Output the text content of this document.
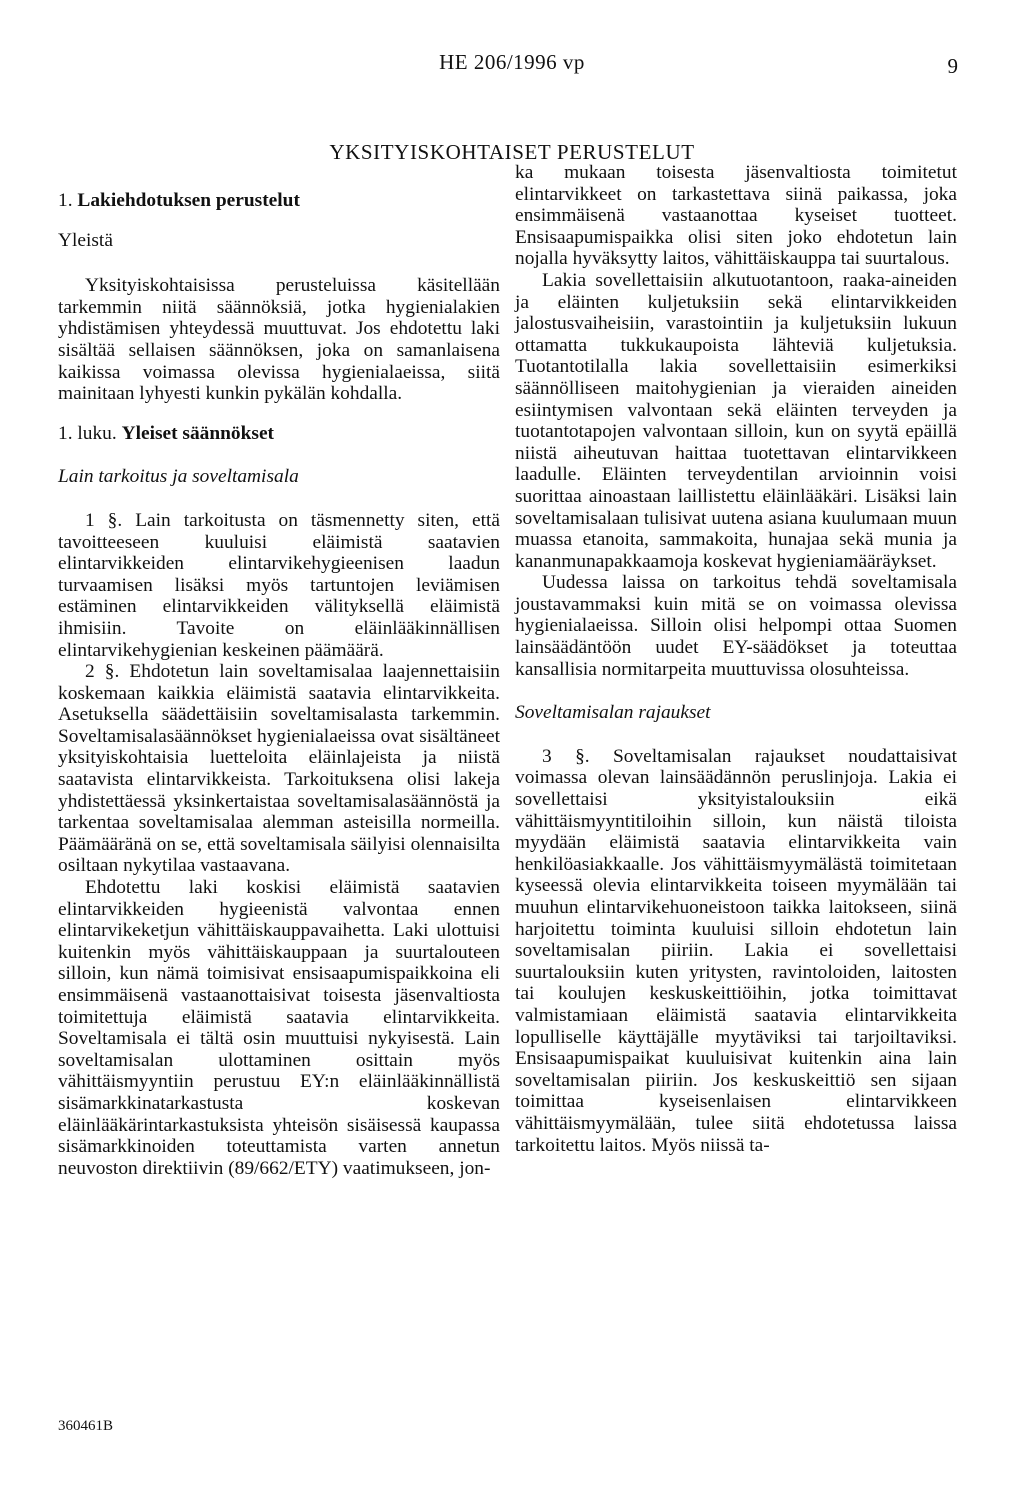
HE 206/1996 vp	9
YKSITYISKOHTAISET PERUSTELUT
1. Lakiehdotuksen perustelut
Yleistä

Yksityiskohtaisissa perusteluissa käsitellään tarkemmin niitä säännöksiä, jotka hygienialakien yhdistämisen yhteydessä muuttuvat. Jos ehdotettu laki sisältää sellaisen säännöksen, joka on samanlaisena kaikissa voimassa olevissa hygienialaeissa, siitä mainitaan lyhyesti kunkin pykälän kohdalla.

1. luku. Yleiset säännökset
Lain tarkoitus ja soveltamisala

1 §. Lain tarkoitusta on täsmennetty siten, että tavoitteeseen kuuluisi eläimistä saatavien elintarvikkeiden elintarvikehygieenisen laadun turvaamisen lisäksi myös tartuntojen leviämisen estäminen elintarvikkeiden välityksellä eläimistä ihmisiin. Tavoite on eläinlääkinnällisen elintarvikehygienian keskeinen päämäärä.

2 §. Ehdotetun lain soveltamisalaa laajennettaisiin koskemaan kaikkia eläimistä saatavia elintarvikkeita. Asetuksella säädettäisiin soveltamisalasta tarkemmin. Soveltamisalasäännökset hygienialaeissa ovat sisältäneet yksityiskohtaisia luetteloita eläinlajeista ja niistä saatavista elintarvikkeista. Tarkoituksena olisi lakeja yhdistettäessä yksinkertaistaa soveltamisalasäännöstä ja tarkentaa soveltamisalaa alemman asteisilla normeilla. Päämääränä on se, että soveltamisala säilyisi olennaisilta osiltaan nykytilaa vastaavana.

Ehdotettu laki koskisi eläimistä saatavien elintarvikkeiden hygieenistä valvontaa ennen elintarvikeketjun vähittäiskauppavaihetta. Laki ulottuisi kuitenkin myös vähittäiskauppaan ja suurtalouteen silloin, kun nämä toimisivat ensisaapumispaikkoina eli ensimmäisenä vastaanottaisivat toisesta jäsenvaltiosta toimitettuja eläimistä saatavia elintarvikkeita. Soveltamisala ei tältä osin muuttuisi nykyisestä. Lain soveltamisalan ulottaminen osittain myös vähittäismyyntiin perustuu EY:n eläinlääkinnällistä sisämarkkinatarkastusta koskevan eläinlääkärintarkastuksista yhteisön sisäisessä kaupassa sisämarkkinoiden toteuttamista varten annetun neuvoston direktiivin (89/662/ETY) vaatimukseen, jon-

ka mukaan toisesta jäsenvaltiosta toimitetut elintarvikkeet on tarkastettava siinä paikassa, joka ensimmäisenä vastaanottaa kyseiset tuotteet. Ensisaapumispaikka olisi siten joko ehdotetun lain nojalla hyväksytty laitos, vähittäiskauppa tai suurtalous.

Lakia sovellettaisiin alkutuotantoon, raaka-aineiden ja eläinten kuljetuksiin sekä elintarvikkeiden jalostusvaiheisiin, varastointiin ja kuljetuksiin lukuun ottamatta tukkukaupoista lähteviä kuljetuksia. Tuotantotilalla lakia sovellettaisiin esimerkiksi säännölliseen maitohygienian ja vieraiden aineiden esiintymisen valvontaan sekä eläinten terveyden ja tuotantotapojen valvontaan silloin, kun on syytä epäillä niistä aiheutuvan haittaa tuotettavan elintarvikkeen laadulle. Eläinten terveydentilan arvioinnin voisi suorittaa ainoastaan laillistettu eläinlääkäri. Lisäksi lain soveltamisalaan tulisivat uutena asiana kuulumaan muun muassa etanoita, sammakoita, hunajaa sekä munia ja kananmunapakkaamoja koskevat hygieniamääräykset.

Uudessa laissa on tarkoitus tehdä soveltamisala joustavammaksi kuin mitä se on voimassa olevissa hygienialaeissa. Silloin olisi helpompi ottaa Suomen lainsäädäntöön uudet EY-säädökset ja toteuttaa kansallisia normitarpeita muuttuvissa olosuhteissa.

Soveltamisalan rajaukset

3 §. Soveltamisalan rajaukset noudattaisivat voimassa olevan lainsäädännön peruslinjoja. Lakia ei sovellettaisi yksityistalouksiin eikä vähittäismyyntitiloihin silloin, kun näistä tiloista myydään eläimistä saatavia elintarvikkeita vain henkilöasiakkaalle. Jos vähittäismyymälästä toimitetaan kyseessä olevia elintarvikkeita toiseen myymälään tai muuhun elintarvikehuoneistoon taikka laitokseen, siinä harjoitettu toiminta kuuluisi silloin ehdotetun lain soveltamisalan piiriin. Lakia ei sovellettaisi suurtalouksiin kuten yritysten, ravintoloiden, laitosten tai koulujen keskuskeittiöihin, jotka toimittavat valmistamiaan eläimistä saatavia elintarvikkeita lopulliselle käyttäjälle myytäviksi tai tarjoiltaviksi. Ensisaapumispaikat kuuluisivat kuitenkin aina lain soveltamisalan piiriin. Jos keskuskeittiö sen sijaan toimittaa kyseisenlaisen elintarvikkeen vähittäismyymälään, tulee siitä ehdotetussa laissa tarkoitettu laitos. Myös niissä ta-

360461B
